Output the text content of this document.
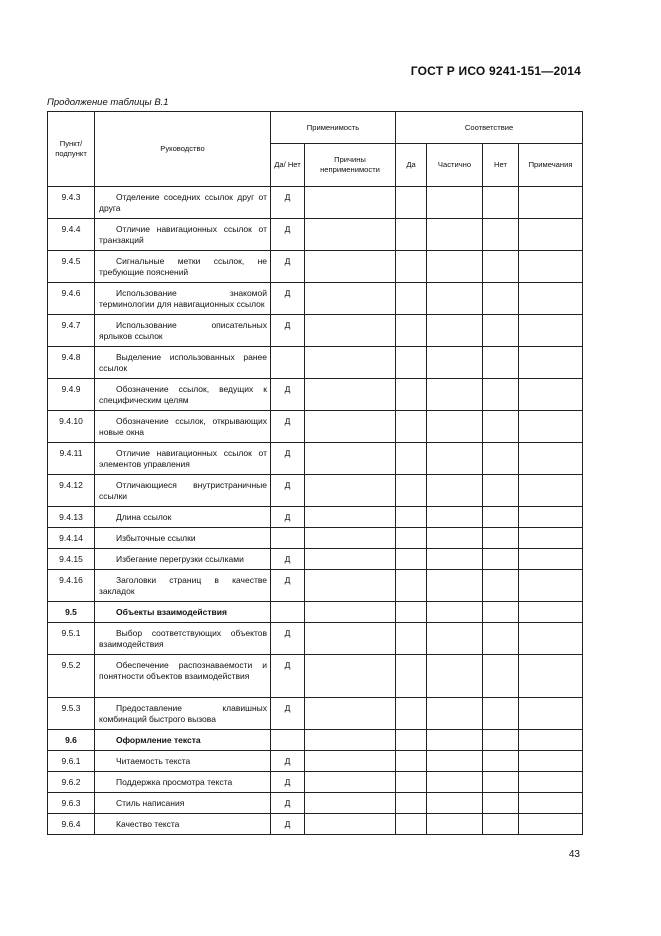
ГОСТ Р ИСО 9241-151—2014
Продолжение таблицы В.1
Пункт/ подпункт	Руководство	Применимость		Соответствие			
		Да/ Нет	Причины неприменимости	Да	Частично	Нет	Примечания
9.4.3	Отделение соседних ссылок друг от друга	Д					
9.4.4	Отличие навигационных ссылок от транзакций	Д					
9.4.5	Сигнальные метки ссылок, не требующие пояснений	Д					
9.4.6	Использование знакомой терминологии для навигационных ссылок	Д					
9.4.7	Использование описательных ярлыков ссылок	Д					
9.4.8	Выделение использованных ранее ссылок						
9.4.9	Обозначение ссылок, ведущих к специфическим целям	Д					
9.4.10	Обозначение ссылок, открывающих новые окна	Д					
9.4.11	Отличие навигационных ссылок от элементов управления	Д					
9.4.12	Отличающиеся внутристраничные ссылки	Д					
9.4.13	Длина ссылок	Д					
9.4.14	Избыточные ссылки						
9.4.15	Избегание перегрузки ссылками	Д					
9.4.16	Заголовки страниц в качестве закладок	Д					
9.5	Объекты взаимодействия						
9.5.1	Выбор соответствующих объектов взаимодействия	Д					
9.5.2	Обеспечение распознаваемости и понятности объектов взаимодействия	Д					
9.5.3	Предоставление клавишных комбинаций быстрого вызова	Д					
9.6	Оформление текста						
9.6.1	Читаемость текста	Д					
9.6.2	Поддержка просмотра текста	Д					
9.6.3	Стиль написания	Д					
9.6.4	Качество текста	Д					
43
